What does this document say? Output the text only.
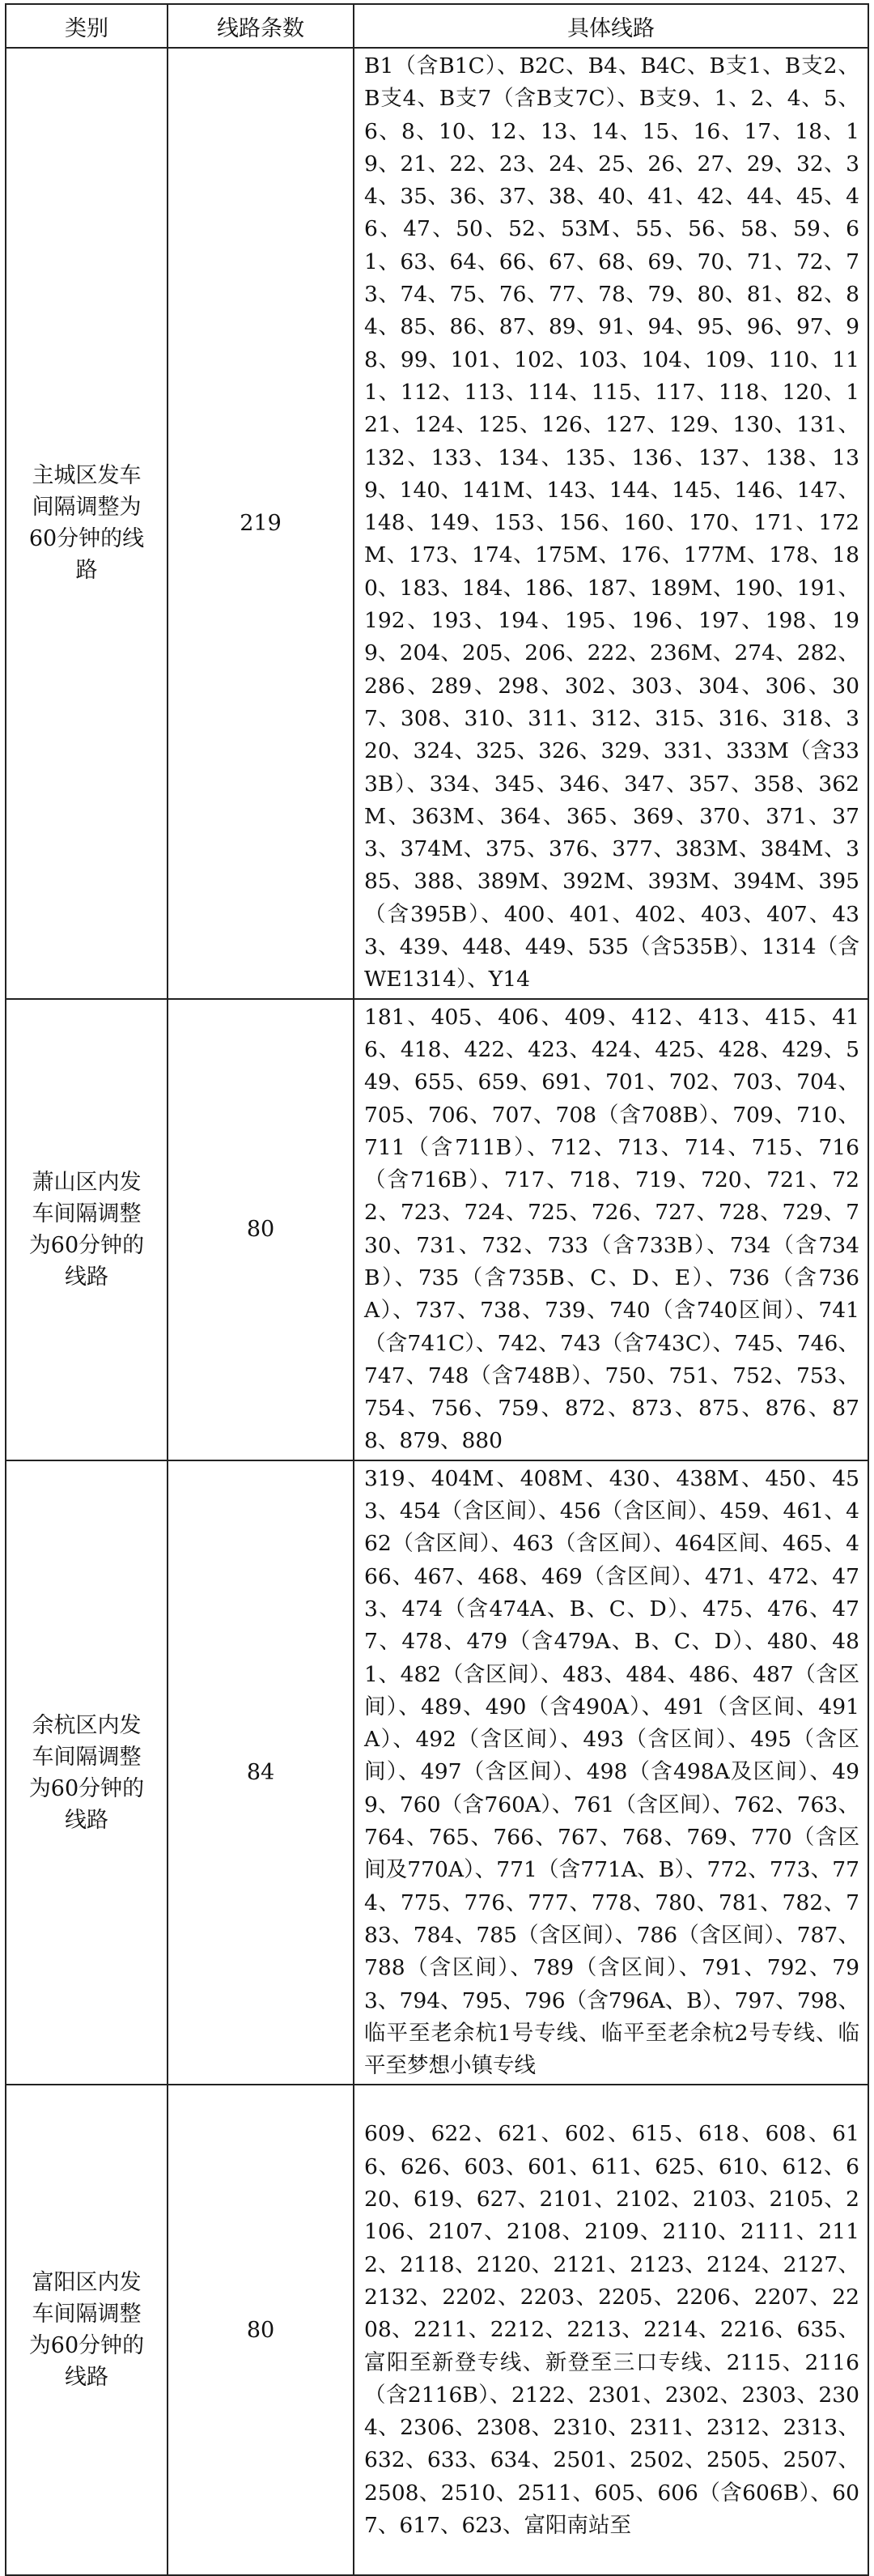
类别	线路条数	具体线路
主城区发车间隔调整为60分钟的线路	219	B1（含B1C）、B2C、B4、B4C、B支1、B支2、B支4、B支7（含B支7C）、B支9、1、2、4、5、6、8、10、12、13、14、15、16、17、18、19、21、22、23、24、25、26、27、29、32、34、35、36、37、38、40、41、42、44、45、46、47、50、52、53M、55、56、58、59、61、63、64、66、67、68、69、70、71、72、73、74、75、76、77、78、79、80、81、82、84、85、86、87、89、91、94、95、96、97、98、99、101、102、103、104、109、110、111、112、113、114、115、117、118、120、121、124、125、126、127、129、130、131、132、133、134、135、136、137、138、139、140、141M、143、144、145、146、147、148、149、153、156、160、170、171、172M、173、174、175M、176、177M、178、180、183、184、186、187、189M、190、191、192、193、194、195、196、197、198、199、204、205、206、222、236M、274、282、286、289、298、302、303、304、306、307、308、310、311、312、315、316、318、320、324、325、326、329、331、333M（含333B）、334、345、346、347、357、358、362M、363M、364、365、369、370、371、373、374M、375、376、377、383M、384M、385、388、389M、392M、393M、394M、395（含395B）、400、401、402、403、407、433、439、448、449、535（含535B）、1314（含WE1314）、Y14
萧山区内发车间隔调整为60分钟的线路	80	181、405、406、409、412、413、415、416、418、422、423、424、425、428、429、549、655、659、691、701、702、703、704、705、706、707、708（含708B）、709、710、711（含711B）、712、713、714、715、716（含716B）、717、718、719、720、721、722、723、724、725、726、727、728、729、730、731、732、733（含733B）、734（含734B）、735（含735B、C、D、E）、736（含736A）、737、738、739、740（含740区间）、741（含741C）、742、743（含743C）、745、746、747、748（含748B）、750、751、752、753、754、756、759、872、873、875、876、878、879、880
余杭区内发车间隔调整为60分钟的线路	84	319、404M、408M、430、438M、450、453、454（含区间）、456（含区间）、459、461、462（含区间）、463（含区间）、464区间、465、466、467、468、469（含区间）、471、472、473、474（含474A、B、C、D）、475、476、477、478、479（含479A、B、C、D）、480、481、482（含区间）、483、484、486、487（含区间）、489、490（含490A）、491（含区间、491A）、492（含区间）、493（含区间）、495（含区间）、497（含区间）、498（含498A及区间）、499、760（含760A）、761（含区间）、762、763、764、765、766、767、768、769、770（含区间及770A）、771（含771A、B）、772、773、774、775、776、777、778、780、781、782、783、784、785（含区间）、786（含区间）、787、788（含区间）、789（含区间）、791、792、793、794、795、796（含796A、B）、797、798、临平至老余杭1号专线、临平至老余杭2号专线、临平至梦想小镇专线
富阳区内发车间隔调整为60分钟的线路	80	609、622、621、602、615、618、608、616、626、603、601、611、625、610、612、620、619、627、2101、2102、2103、2105、2106、2107、2108、2109、2110、2111、2112、2118、2120、2121、2123、2124、2127、2132、2202、2203、2205、2206、2207、2208、2211、2212、2213、2214、2216、635、富阳至新登专线、新登至三口专线、2115、2116（含2116B）、2122、2301、2302、2303、2304、2306、2308、2310、2311、2312、2313、632、633、634、2501、2502、2505、2507、2508、2510、2511、605、606（含606B）、607、617、623、富阳南站至
